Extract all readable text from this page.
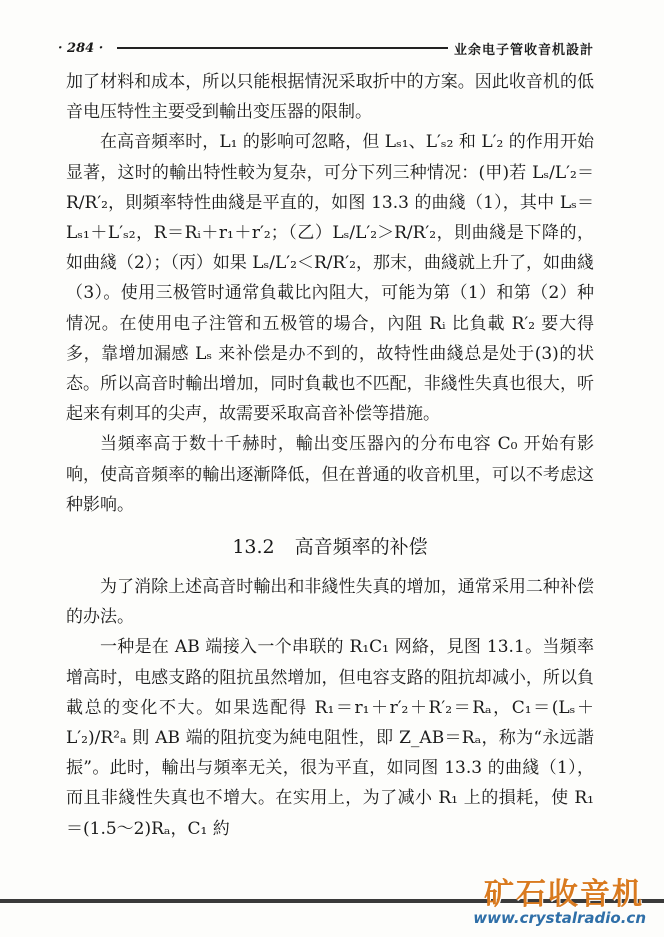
· 284 ·	业余电子管收音机設計

加了材料和成本，所以只能根据情況采取折中的方案。因此收音机的低音电压特性主要受到輸出变压器的限制。

在高音頻率时，L₁ 的影响可忽略，但 Lₛ₁、L′ₛ₂ 和 L′₂ 的作用开始显著，这时的輸出特性較为复杂，可分下列三种情况：(甲)若 Lₛ/L′₂＝R/R′₂，則頻率特性曲綫是平直的，如图 13.3 的曲綫（1），其中 Lₛ＝Lₛ₁＋L′ₛ₂，R＝Rᵢ＋r₁＋r′₂；（乙）Lₛ/L′₂＞R/R′₂，則曲綫是下降的，如曲綫（2）；（丙）如果 Lₛ/L′₂＜R/R′₂，那末，曲綫就上升了，如曲綫（3）。使用三极管时通常負載比內阻大，可能为第（1）和第（2）种情况。在使用电子注管和五极管的場合，內阻 Rᵢ 比負載 R′₂ 要大得多，靠增加漏感 Lₛ 来补偿是办不到的，故特性曲綫总是处于(3)的状态。所以高音时輸出增加，同时負載也不匹配，非綫性失真也很大，听起来有刺耳的尖声，故需要采取高音补偿等措施。

当頻率高于数十千赫时，輸出变压器內的分布电容 C₀ 开始有影响，使高音頻率的輸出逐漸降低，但在普通的收音机里，可以不考虑这种影响。

13.2 高音頻率的补偿

为了消除上述高音时輸出和非綫性失真的增加，通常采用二种补偿的办法。

一种是在 AB 端接入一个串联的 R₁C₁ 网絡，見图 13.1。当頻率增高时，电感支路的阻抗虽然增加，但电容支路的阻抗却减小，所以負載总的变化不大。如果选配得 R₁＝r₁＋r′₂＋R′₂＝Rₐ，C₁＝(Lₛ＋L′₂)/R²ₐ 則 AB 端的阻抗变为純电阻性，即 Z_AB＝Rₐ，称为“永远諧振”。此时，輸出与頻率无关，很为平直，如同图 13.3 的曲綫（1），而且非綫性失真也不增大。在实用上，为了减小 R₁ 上的損耗，使 R₁＝(1.5～2)Rₐ，C₁ 約

矿石收音机
www.crystalradio.cn
